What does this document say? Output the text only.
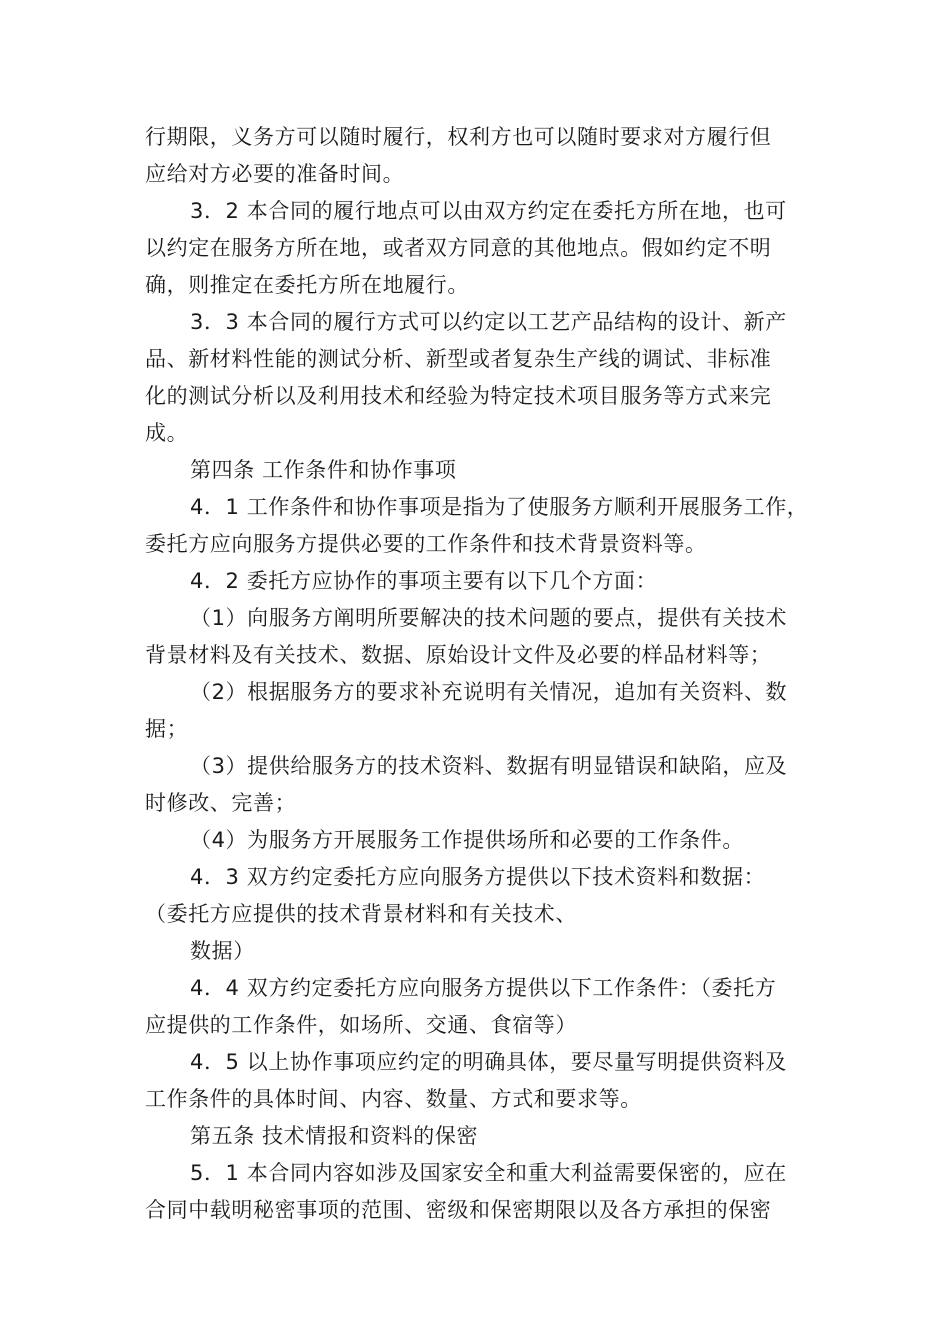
行期限，义务方可以随时履行，权利方也可以随时要求对方履行但
应给对方必要的准备时间。
3．2 本合同的履行地点可以由双方约定在委托方所在地，也可
以约定在服务方所在地，或者双方同意的其他地点。假如约定不明
确，则推定在委托方所在地履行。
3．3 本合同的履行方式可以约定以工艺产品结构的设计、新产
品、新材料性能的测试分析、新型或者复杂生产线的调试、非标准
化的测试分析以及利用技术和经验为特定技术项目服务等方式来完
成。
第四条 工作条件和协作事项
4．1 工作条件和协作事项是指为了使服务方顺利开展服务工作，
委托方应向服务方提供必要的工作条件和技术背景资料等。
4．2 委托方应协作的事项主要有以下几个方面：
（1）向服务方阐明所要解决的技术问题的要点，提供有关技术
背景材料及有关技术、数据、原始设计文件及必要的样品材料等；
（2）根据服务方的要求补充说明有关情况，追加有关资料、数
据；
（3）提供给服务方的技术资料、数据有明显错误和缺陷，应及
时修改、完善；
（4）为服务方开展服务工作提供场所和必要的工作条件。
4．3 双方约定委托方应向服务方提供以下技术资料和数据：
（委托方应提供的技术背景材料和有关技术、
数据）
4．4 双方约定委托方应向服务方提供以下工作条件：（委托方
应提供的工作条件，如场所、交通、食宿等）
4．5 以上协作事项应约定的明确具体，要尽量写明提供资料及
工作条件的具体时间、内容、数量、方式和要求等。
第五条 技术情报和资料的保密
5．1 本合同内容如涉及国家安全和重大利益需要保密的，应在
合同中载明秘密事项的范围、密级和保密期限以及各方承担的保密
